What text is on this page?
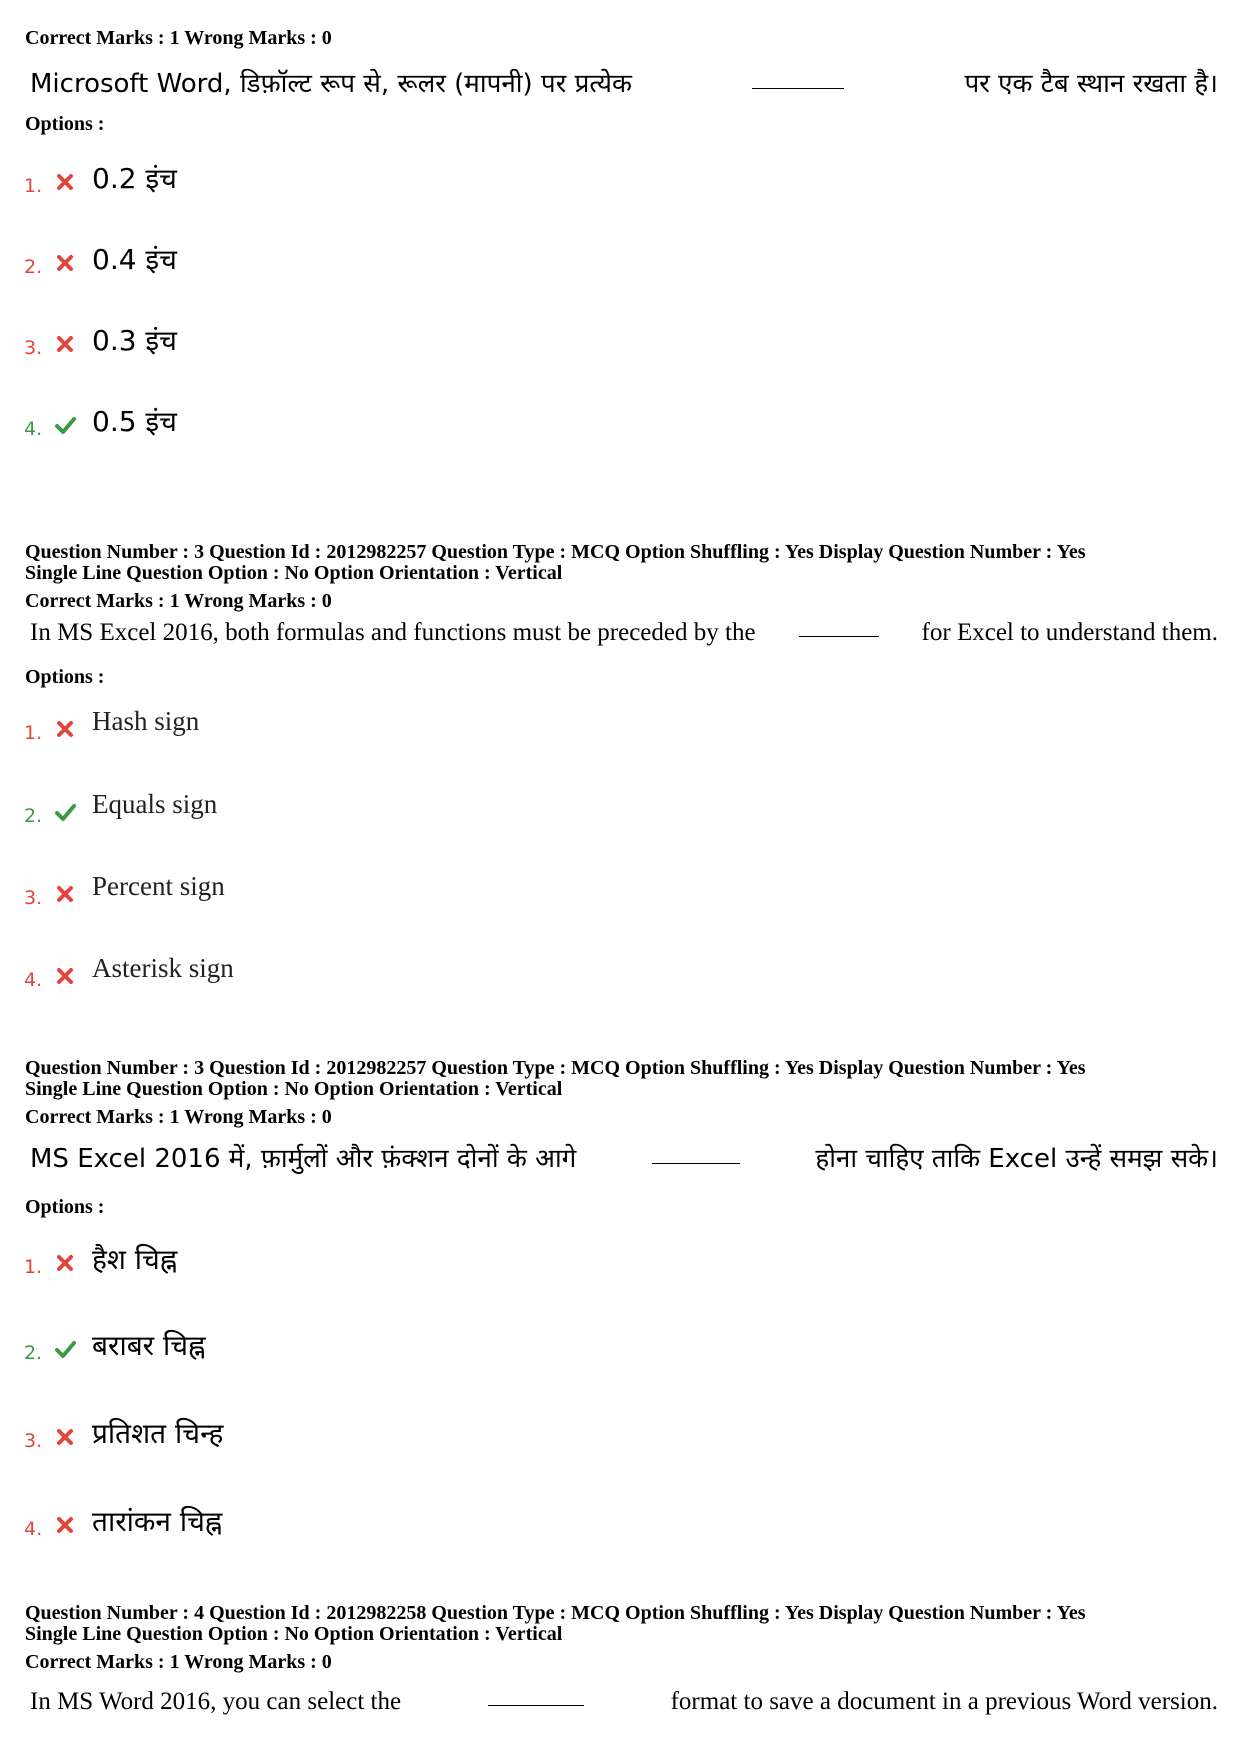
Correct Marks : 1 Wrong Marks : 0
Microsoft Word, डिफ़ॉल्ट रूप से, रूलर (मापनी) पर प्रत्येक	पर एक टैब स्थान रखता है।
Options :
1. 0.2 इंच
2. 0.4 इंच
3. 0.3 इंच
4. 0.5 इंच
Question Number : 3 Question Id : 2012982257 Question Type : MCQ Option Shuffling : Yes Display Question Number : Yes
Single Line Question Option : No Option Orientation : Vertical
Correct Marks : 1 Wrong Marks : 0
In MS Excel 2016, both formulas and functions must be preceded by the	for Excel to understand them.
Options :
1. Hash sign
2. Equals sign
3. Percent sign
4. Asterisk sign
Question Number : 3 Question Id : 2012982257 Question Type : MCQ Option Shuffling : Yes Display Question Number : Yes
Single Line Question Option : No Option Orientation : Vertical
Correct Marks : 1 Wrong Marks : 0
MS Excel 2016 में, फ़ार्मुलों और फ़ंक्शन दोनों के आगे	होना चाहिए ताकि Excel उन्हें समझ सके।
Options :
1. हैश चिह्न
2. बराबर चिह्न
3. प्रतिशत चिन्ह
4. तारांकन चिह्न
Question Number : 4 Question Id : 2012982258 Question Type : MCQ Option Shuffling : Yes Display Question Number : Yes
Single Line Question Option : No Option Orientation : Vertical
Correct Marks : 1 Wrong Marks : 0
In MS Word 2016, you can select the	format to save a document in a previous Word version.
